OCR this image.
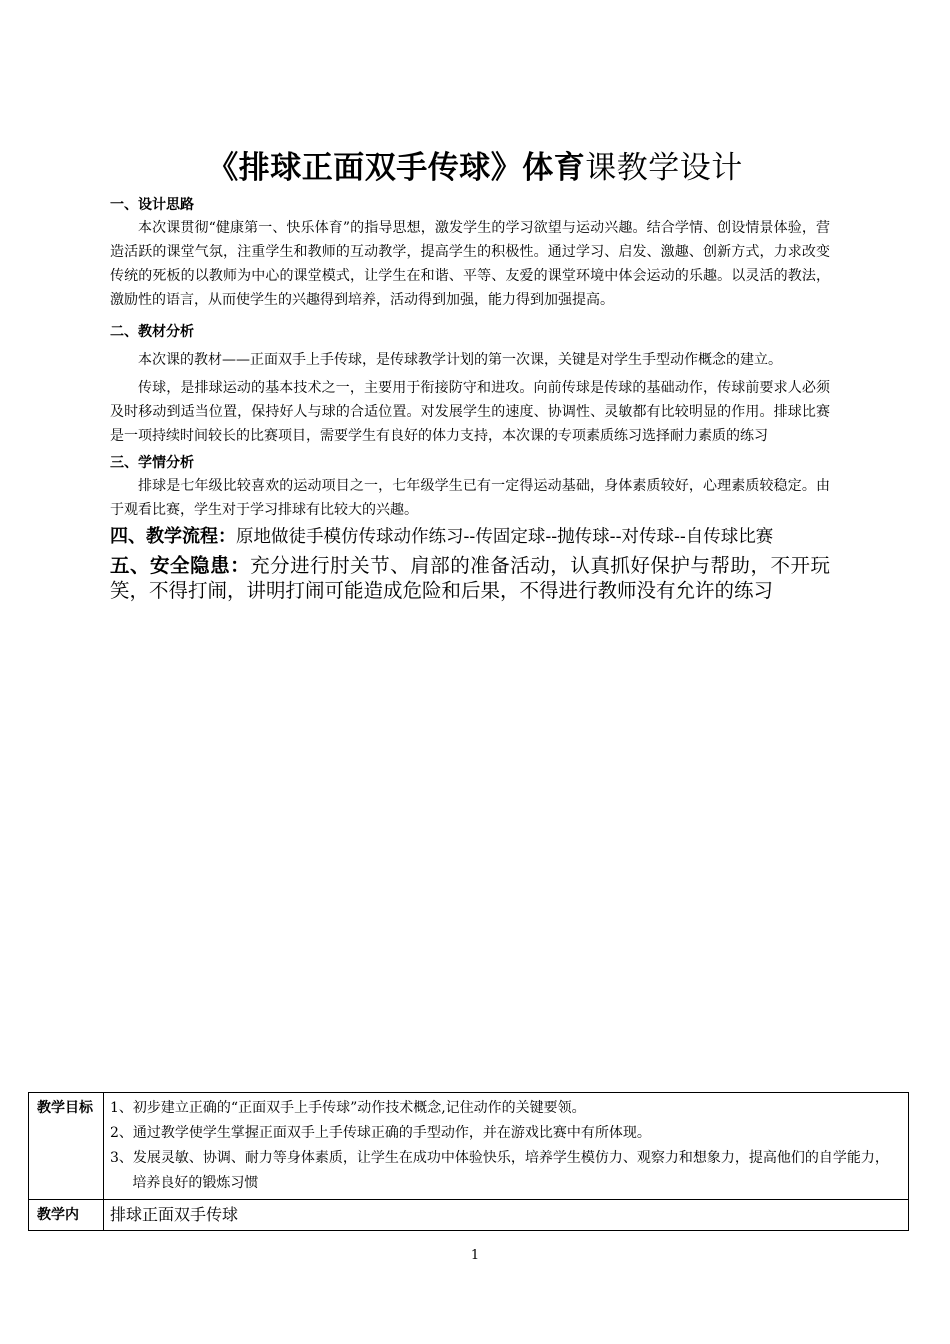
《排球正面双手传球》体育课教学设计

一、设计思路

本次课贯彻“健康第一、快乐体育”的指导思想，激发学生的学习欲望与运动兴趣。结合学情、创设情景体验，营造活跃的课堂气氛，注重学生和教师的互动教学，提高学生的积极性。通过学习、启发、激趣、创新方式，力求改变传统的死板的以教师为中心的课堂模式，让学生在和谐、平等、友爱的课堂环境中体会运动的乐趣。以灵活的教法，激励性的语言，从而使学生的兴趣得到培养，活动得到加强，能力得到加强提高。

二、教材分析

本次课的教材——正面双手上手传球，是传球教学计划的第一次课，关键是对学生手型动作概念的建立。

传球，是排球运动的基本技术之一，主要用于衔接防守和进攻。向前传球是传球的基础动作，传球前要求人必须及时移动到适当位置，保持好人与球的合适位置。对发展学生的速度、协调性、灵敏都有比较明显的作用。排球比赛是一项持续时间较长的比赛项目，需要学生有良好的体力支持，本次课的专项素质练习选择耐力素质的练习

三、学情分析

排球是七年级比较喜欢的运动项目之一，七年级学生已有一定得运动基础，身体素质较好，心理素质较稳定。由于观看比赛，学生对于学习排球有比较大的兴趣。

四、教学流程：原地做徒手模仿传球动作练习--传固定球--抛传球--对传球--自传球比赛

五、安全隐患：充分进行肘关节、肩部的准备活动，认真抓好保护与帮助，不开玩笑，不得打闹，讲明打闹可能造成危险和后果，不得进行教师没有允许的练习

教学目标	1、初步建立正确的“正面双手上手传球”动作技术概念,记住动作的关键要领。
2、通过教学使学生掌握正面双手上手传球正确的手型动作，并在游戏比赛中有所体现。
3、发展灵敏、协调、耐力等身体素质，让学生在成功中体验快乐，培养学生模仿力、观察力和想象力，提高他们的自学能力，培养良好的锻炼习惯

教学内	排球正面双手传球
1
